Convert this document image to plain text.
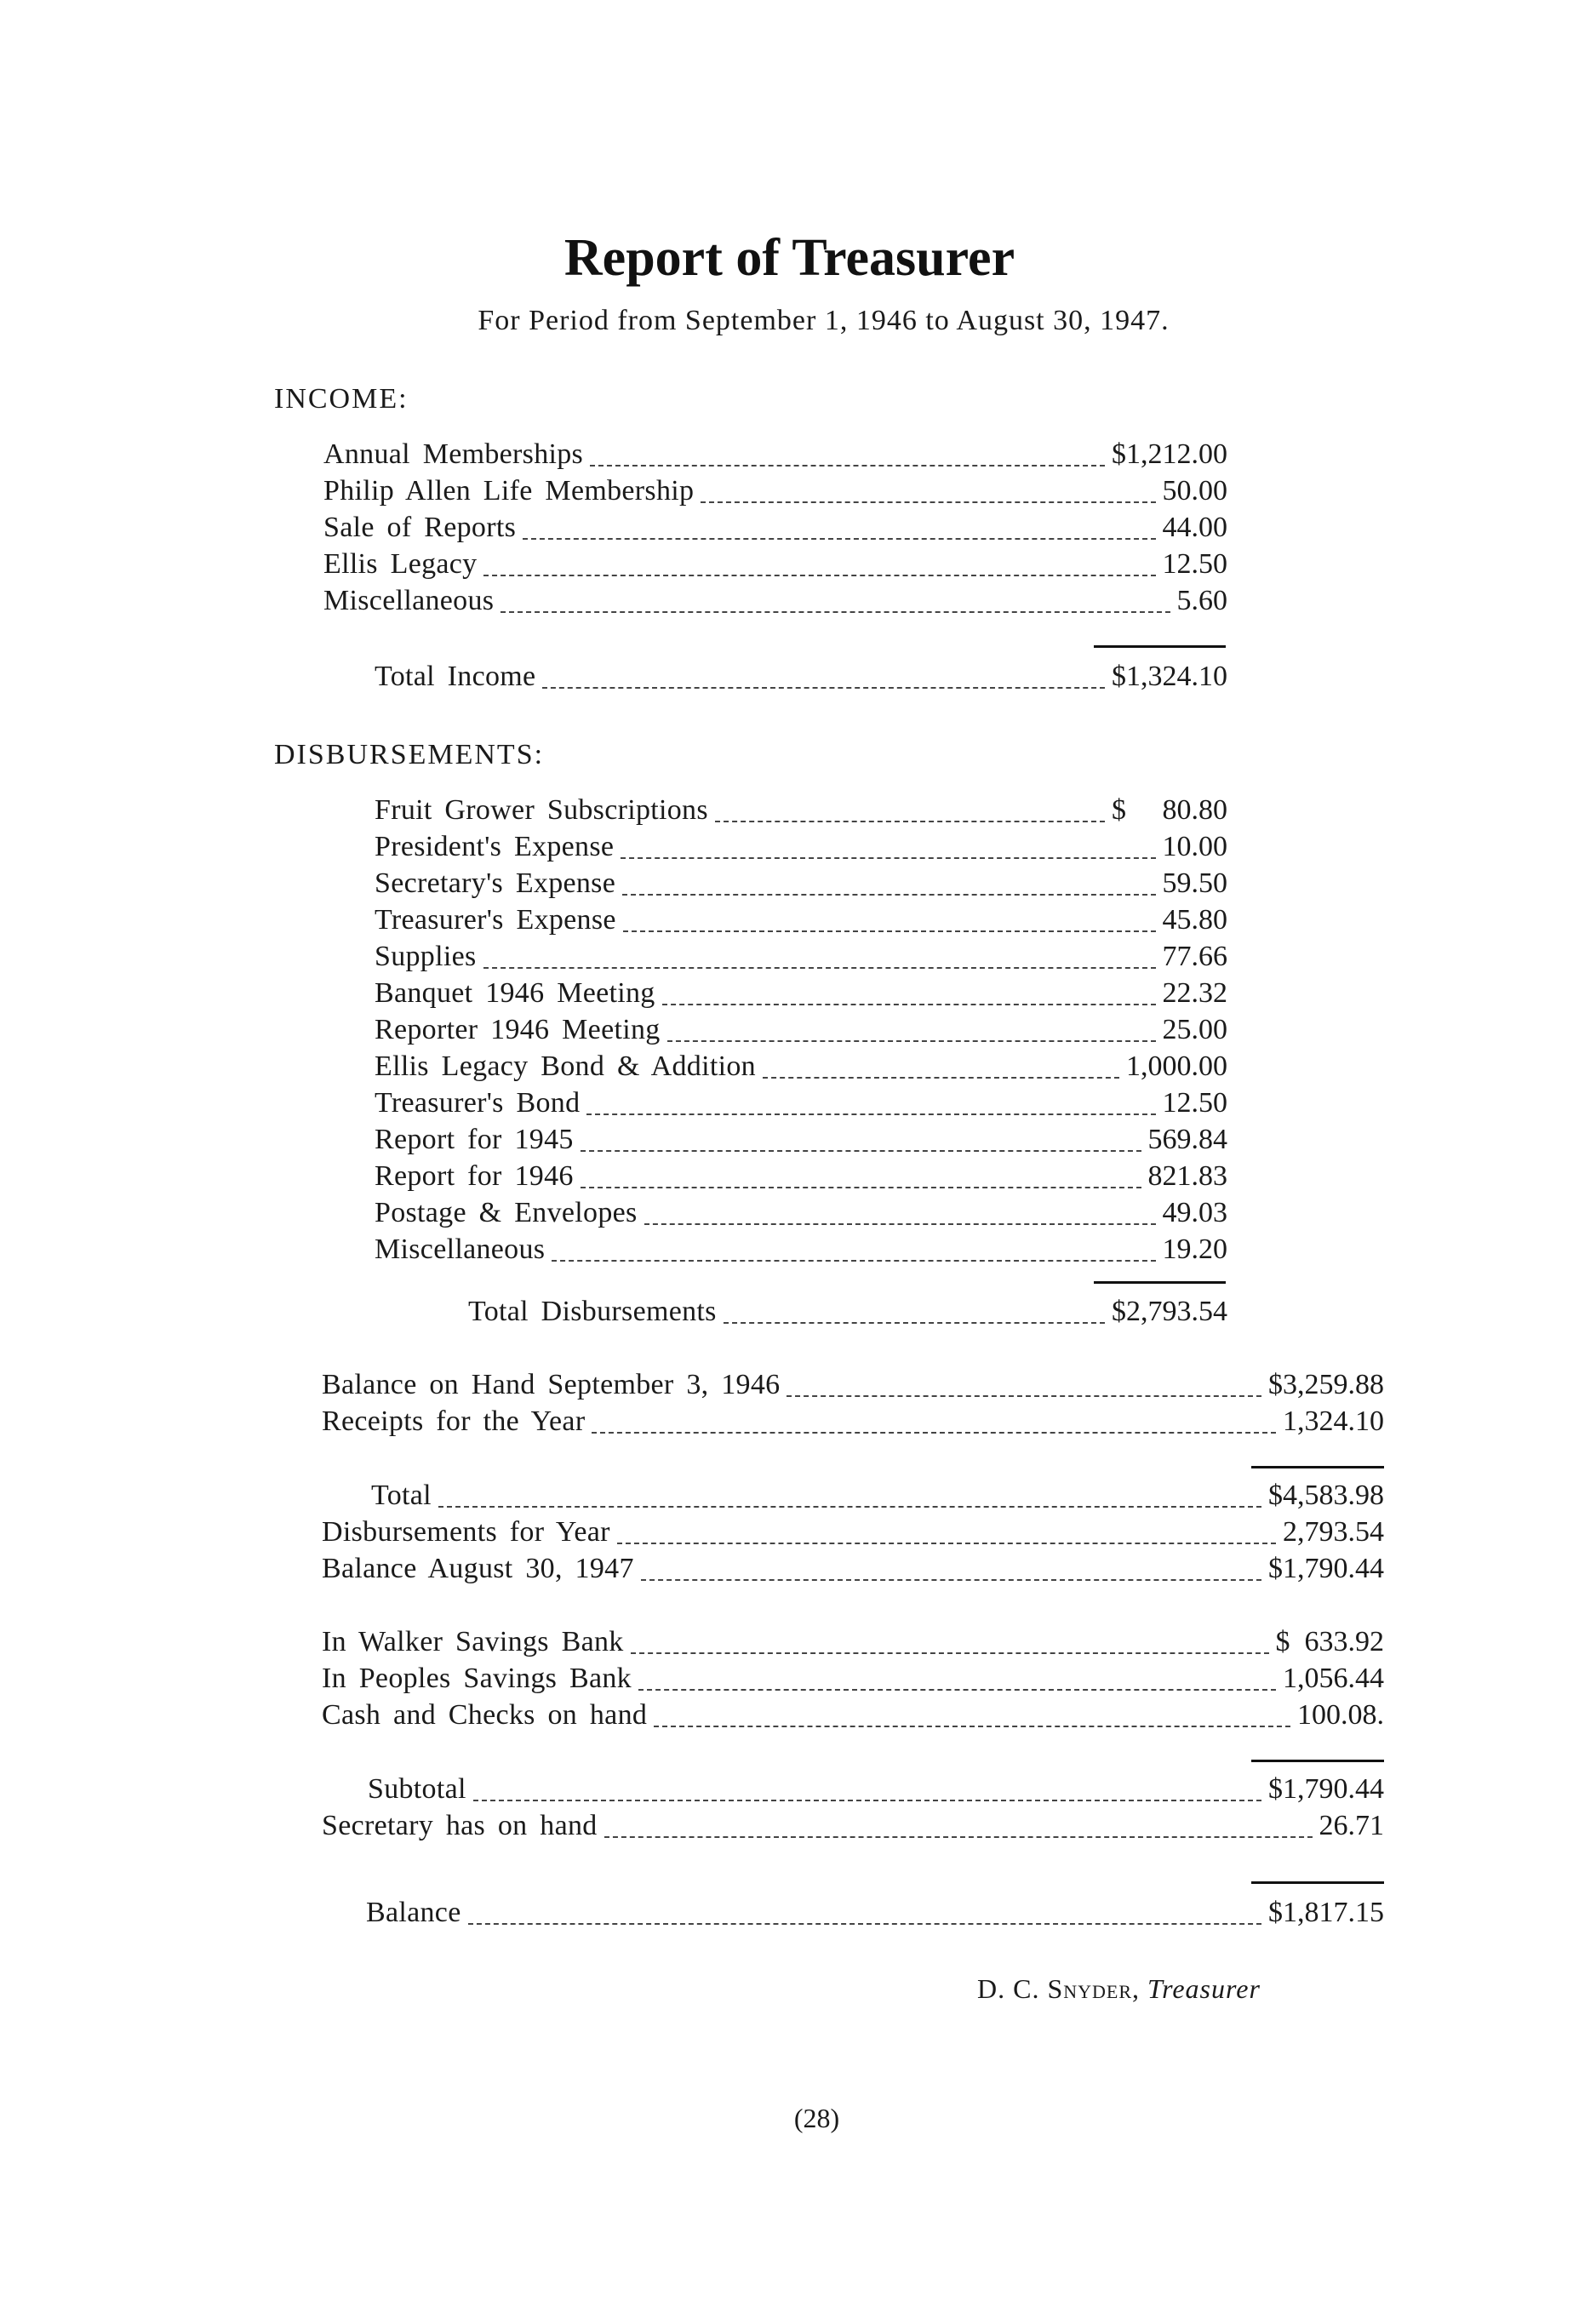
Report of Treasurer
For Period from September 1, 1946 to August 30, 1947.
INCOME:
Annual Memberships	$1,212.00
Philip Allen Life Membership	50.00
Sale of Reports	44.00
Ellis Legacy	12.50
Miscellaneous	5.60
Total Income	$1,324.10
DISBURSEMENTS:
Fruit Grower Subscriptions	$     80.80
President's Expense	10.00
Secretary's Expense	59.50
Treasurer's Expense	45.80
Supplies	77.66
Banquet 1946 Meeting	22.32
Reporter 1946 Meeting	25.00
Ellis Legacy Bond & Addition	1,000.00
Treasurer's Bond	12.50
Report for 1945	569.84
Report for 1946	821.83
Postage & Envelopes	49.03
Miscellaneous	19.20
Total Disbursements	$2,793.54
Balance on Hand September 3, 1946	$3,259.88
Receipts for the Year	1,324.10
Total	$4,583.98
Disbursements for Year	2,793.54
Balance August 30, 1947	$1,790.44
In Walker Savings Bank	$  633.92
In Peoples Savings Bank	1,056.44
Cash and Checks on hand	100.08.
Subtotal	$1,790.44
Secretary has on hand	26.71
Balance	$1,817.15
D. C. Snyder, Treasurer
(28)
